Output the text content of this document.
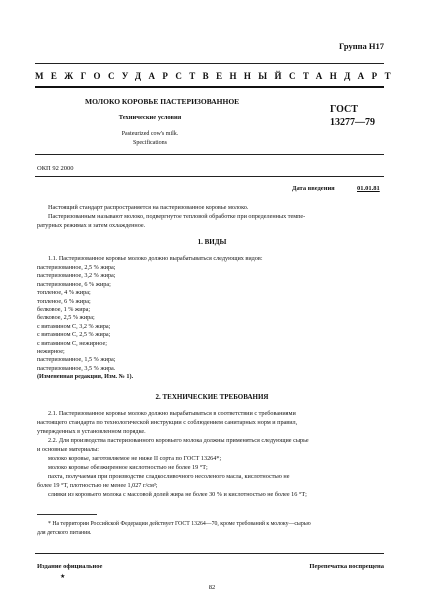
Группа Н17
МЕЖГОСУДАРСТВЕННЫЙ СТАНДАРТ
МОЛОКО КОРОВЬЕ ПАСТЕРИЗОВАННОЕ
Технические условия
Pasteurized cow's milk.
Specifications
ГОСТ
13277—79
ОКП 92 2000
Дата введения	01.01.81
Настоящий стандарт распространяется на пастеризованное коровье молоко.
Пастеризованным называют молоко, подвергнутое тепловой обработке при определенных темпе-
ратурных режимах и затем охлажденное.
1. ВИДЫ
1.1. Пастеризованное коровье молоко должно вырабатываться следующих видов:
пастеризованное, 2,5 % жира;
пастеризованное, 3,2 % жира;
пастеризованное, 6 % жира;
топленое, 4 % жира;
топленое, 6 % жира;
белковое, 1 % жира;
белковое, 2,5 % жира;
с витамином С, 3,2 % жира;
с витамином С, 2,5 % жира;
с витамином С, нежирное;
нежирное;
пастеризованное, 1,5 % жира;
пастеризованное, 3,5 % жира.
(Измененная редакция, Изм. № 1).
2. ТЕХНИЧЕСКИЕ ТРЕБОВАНИЯ
2.1. Пастеризованное коровье молоко должно вырабатываться в соответствии с требованиями
настоящего стандарта по технологической инструкции с соблюдением санитарных норм и правил,
утвержденных в установленном порядке.
2.2. Для производства пастеризованного коровьего молока должны применяться следующие сырье
и основные материалы:
молоко коровье, заготовляемое не ниже II сорта по ГОСТ 13264*;
молоко коровье обезжиренное кислотностью не более 19 °Т;
пахта, получаемая при производстве сладкосливочного несоленого масла, кислотностью не
более 19 °Т, плотностью не менее 1,027 г/см³;
сливки из коровьего молока с массовой долей жира не более 30 % и кислотностью не более 16 °Т;
* На территории Российской Федерации действует ГОСТ 13264—70, кроме требований к молоку—сырью
для детского питания.
Издание официальное
★
Перепечатка воспрещена
82
